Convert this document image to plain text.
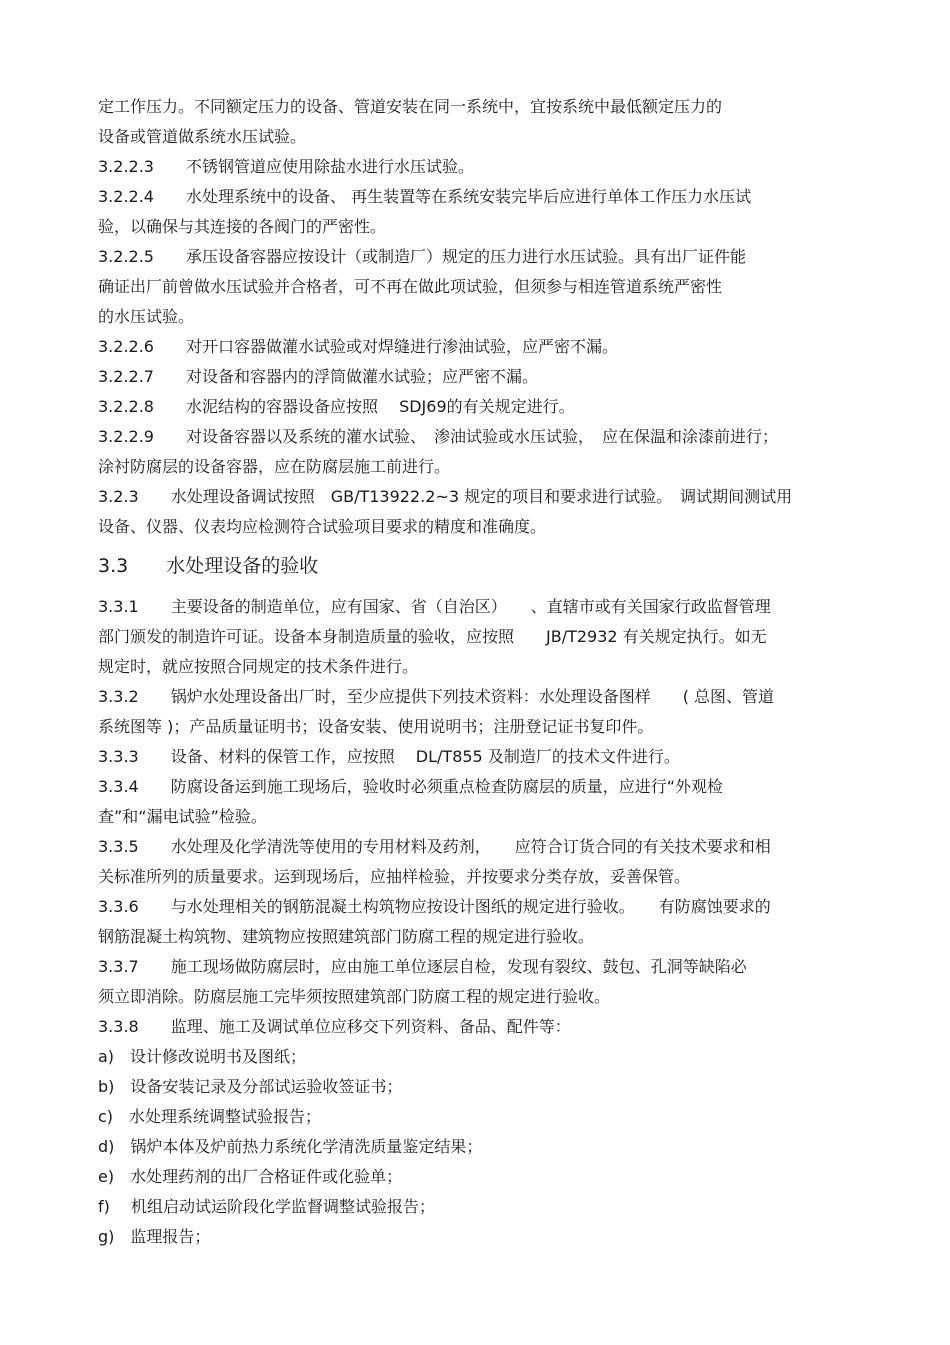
定工作压力。不同额定压力的设备、管道安装在同一系统中，宜按系统中最低额定压力的
设备或管道做系统水压试验。
3.2.2.3　　不锈钢管道应使用除盐水进行水压试验。
3.2.2.4　　水处理系统中的设备、 再生装置等在系统安装完毕后应进行单体工作压力水压试
验，以确保与其连接的各阀门的严密性。
3.2.2.5　　承压设备容器应按设计（或制造厂）规定的压力进行水压试验。具有出厂证件能
确证出厂前曾做水压试验并合格者，可不再在做此项试验，但须参与相连管道系统严密性
的水压试验。
3.2.2.6　　对开口容器做灌水试验或对焊缝进行渗油试验，应严密不漏。
3.2.2.7　　对设备和容器内的浮筒做灌水试验；应严密不漏。
3.2.2.8　　水泥结构的容器设备应按照　 SDJ69的有关规定进行。
3.2.2.9　　对设备容器以及系统的灌水试验、　渗油试验或水压试验，　应在保温和涂漆前进行；
涂衬防腐层的设备容器，应在防腐层施工前进行。
3.2.3　　水处理设备调试按照　GB/T13922.2~3 规定的项目和要求进行试验。　调试期间测试用
设备、仪器、仪表均应检测符合试验项目要求的精度和准确度。
3.3　　水处理设备的验收
3.3.1　　主要设备的制造单位，应有国家、省（自治区）　　、直辖市或有关国家行政监督管理
部门颁发的制造许可证。设备本身制造质量的验收，应按照　　JB/T2932 有关规定执行。如无
规定时，就应按照合同规定的技术条件进行。
3.3.2　　锅炉水处理设备出厂时，至少应提供下列技术资料：水处理设备图样　　( 总图、管道
系统图等 )；产品质量证明书；设备安装、使用说明书；注册登记证书复印件。
3.3.3　　设备、材料的保管工作，应按照　 DL/T855 及制造厂的技术文件进行。
3.3.4　　防腐设备运到施工现场后，验收时必须重点检查防腐层的质量，应进行“外观检
查”和“漏电试验”检验。
3.3.5　　水处理及化学清洗等使用的专用材料及药剂，　　应符合订货合同的有关技术要求和相
关标准所列的质量要求。运到现场后，应抽样检验，并按要求分类存放，妥善保管。
3.3.6　　与水处理相关的钢筋混凝土构筑物应按设计图纸的规定进行验收。　　有防腐蚀要求的
钢筋混凝土构筑物、建筑物应按照建筑部门防腐工程的规定进行验收。
3.3.7　　施工现场做防腐层时，应由施工单位逐层自检，发现有裂纹、鼓包、孔洞等缺陷必
须立即消除。防腐层施工完毕须按照建筑部门防腐工程的规定进行验收。
3.3.8　　监理、施工及调试单位应移交下列资料、备品、配件等：
a)　设计修改说明书及图纸；
b)　设备安装记录及分部试运验收签证书；
c)　水处理系统调整试验报告；
d)　锅炉本体及炉前热力系统化学清洗质量鉴定结果；
e)　水处理药剂的出厂合格证件或化验单；
f)　 机组启动试运阶段化学监督调整试验报告；
g)　监理报告；
